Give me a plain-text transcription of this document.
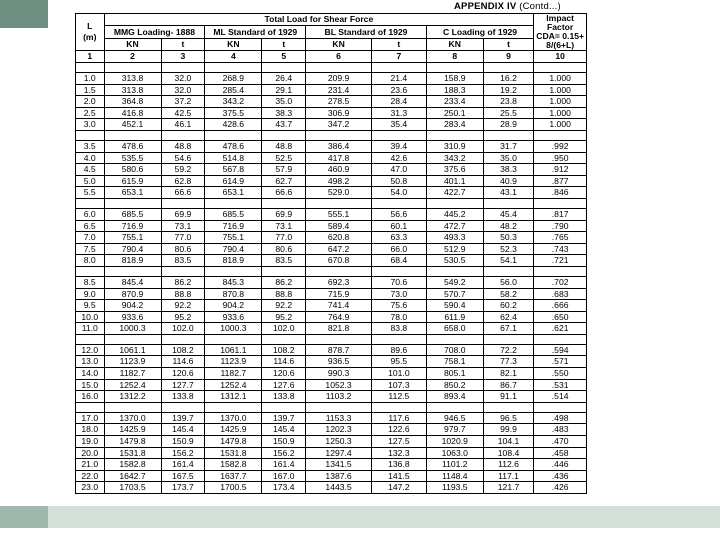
APPENDIX IV (Contd...)
L
(m)	Total Load for Shear Force								Impact Factor CDA= 0.15+ 8/(6+L)
	MMG Loading- 1888		ML Standard of 1929		BL Standard of 1929		C Loading of 1929		
	KN	t	KN	t	KN	t	KN	t	
1	2	3	4	5	6	7	8	9	10

1.0	313.8	32.0	268.9	26.4	209.9	21.4	158.9	16.2	1.000
1.5	313.8	32.0	285.4	29.1	231.4	23.6	188.3	19.2	1.000
2.0	364.8	37.2	343.2	35.0	278.5	28.4	233.4	23.8	1.000
2.5	416.8	42.5	375.5	38.3	306.9	31.3	250.1	25.5	1.000
3.0	452.1	46.1	428.6	43.7	347.2	35.4	283.4	28.9	1.000

3.5	478.6	48.8	478.6	48.8	386.4	39.4	310.9	31.7	.992
4.0	535.5	54.6	514.8	52.5	417.8	42.6	343.2	35.0	.950
4.5	580.6	59.2	567.8	57.9	460.9	47.0	375.6	38.3	.912
5.0	615.9	62.8	614.9	62.7	498.2	50.8	401.1	40.9	.877
5.5	653.1	66.6	653.1	66.6	529.0	54.0	422.7	43.1	.846

6.0	685.5	69.9	685.5	69.9	555.1	56.6	445.2	45.4	.817
6.5	716.9	73.1	716.9	73.1	589.4	60.1	472.7	48.2	.790
7.0	755.1	77.0	755.1	77.0	620.8	63.3	493.3	50.3	.765
7.5	790.4	80.6	790.4	80.6	647.2	66.0	512.9	52.3	.743
8.0	818.9	83.5	818.9	83.5	670.8	68.4	530.5	54.1	.721

8.5	845.4	86.2	845.3	86.2	692.3	70.6	549.2	56.0	.702
9.0	870.9	88.8	870.8	88.8	715.9	73.0	570.7	58.2	.683
9.5	904.2	92.2	904.2	92.2	741.4	75.6	590.4	60.2	.666
10.0	933.6	95.2	933.6	95.2	764.9	78.0	611.9	62.4	.650
11.0	1000.3	102.0	1000.3	102.0	821.8	83.8	658.0	67.1	.621

12.0	1061.1	108.2	1061.1	108.2	878.7	89.6	708.0	72.2	.594
13.0	1123.9	114.6	1123.9	114.6	936.5	95.5	758.1	77.3	.571
14.0	1182.7	120.6	1182.7	120.6	990.3	101.0	805.1	82.1	.550
15.0	1252.4	127.7	1252.4	127.6	1052.3	107.3	850.2	86.7	.531
16.0	1312.2	133.8	1312.1	133.8	1103.2	112.5	893.4	91.1	.514

17.0	1370.0	139.7	1370.0	139.7	1153.3	117.6	946.5	96.5	.498
18.0	1425.9	145.4	1425.9	145.4	1202.3	122.6	979.7	99.9	.483
19.0	1479.8	150.9	1479.8	150.9	1250.3	127.5	1020.9	104.1	.470
20.0	1531.8	156.2	1531.8	156.2	1297.4	132.3	1063.0	108.4	.458
21.0	1582.8	161.4	1582.8	161.4	1341.5	136.8	1101.2	112.6	.446
22.0	1642.7	167.5	1637.7	167.0	1387.6	141.5	1148.4	117.1	.436
23.0	1703.5	173.7	1700.5	173.4	1443.5	147.2	1193.5	121.7	.426
